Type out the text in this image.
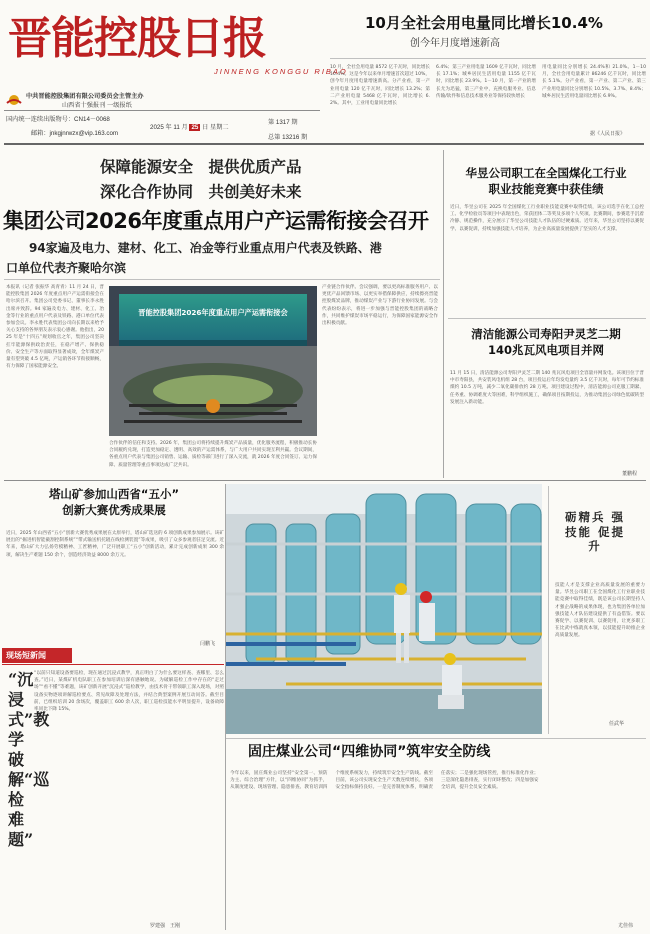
晋能控股日报
JINNENG KONGGU RIBAO
中共晋能控股集团有限公司委员会主管主办
山西省十强报刊 一级报纸
国内统一连续出版物号：CN14－0068
邮箱：jnkgjnrwzx@vip.163.com
2025 年 11 月 25 日 星期二
第 1317 期
总第 13216 期
10月全社会用电量同比增长10.4%
创今年月度增速新高
10 月，全社会用电量 8572 亿千瓦时，同比增长 10.4%。这是今年以来单月增速首次超过 10%，创今年月度用电量增速新高。分产业看，第一产业用电量 120 亿千瓦时，同比增长 13.2%；第二产业用电量 5468 亿千瓦时，同比增长 6.2%。其中，工业用电量同比增长
6.4%；第三产业用电量 1609 亿千瓦时，同比增长 17.1%；城乡居民生活用电量 1155 亿千瓦时，同比增长 23.9%。1－10 月，第一产业的增长尤为迅猛，第三产业中，充换电服务业、信息传输/软件和信息技术服务业等保持较快增长
用电量同比分别增长 24.4%和 21.0%。1－10 月，全社会用电量累计 86246 亿千瓦时，同比增长 5.1%。分产业看，第一产业、第二产业、第三产业用电量同比分别增长 10.5%、3.7%、8.4%；城乡居民生活用电量同比增长 6.9%。
据《人民日报》
保障能源安全　提供优质产品
深化合作协同　共创美好未来
集团公司2026年度重点用户产运需衔接会召开
94家遍及电力、建材、化工、冶金等行业重点用户代表及铁路、港
口单位代表齐聚哈尔滨
本报讯（记者 张振华 高青青）11 月 24 日，晋能控股集团 2026 年度重点用户产运需衔接会在哈尔滨召开。集团公司党委书记、董事长李永胜出席并致辞。94 家遍及电力、建材、化工、冶金等行业的重点用户代表及铁路、港口单位代表参加会议。李永胜代表集团公司向长期以来给予关心支持的各界朋友表示衷心感谢。他指出，2025 年是“十四五”规划收官之年，集团公司坚决扛牢能源保供政治责任，在稳产增产、保供稳价、安全生产等方面取得显著成效，全年煤炭产量有望突破 4.5 亿吨，产运销各环节衔接顺畅，有力保障了国家能源安全。
晋能控股集团2026年度重点用户产运需衔接会
合作伙伴的信任和支持。2026 年，集团公司将持续提升煤炭产品质量，优化服务流程，积极推动长协合同履约兑现，打造更加稳定、透明、高效的产运需体系，与广大用户共同实现互利共赢。会议期间，各重点用户代表与集团公司销售、运输、质检等部门进行了深入交流，就 2026 年度合同签订、运力保障、质量管理等重点事项达成广泛共识。
产业链合作伙伴。会议强调，要以更高标准服务用户、以更优产品回馈市场、以更实举措保障供应，持续擦亮晋能控股煤炭品牌，推动煤炭产业与下游行业协同发展。与会代表纷纷表示，将进一步加强与晋能控股集团的战略合作，共同维护煤炭市场平稳运行，为保障国家能源安全作出积极贡献。
华昱公司职工在全国煤化工行业
职业技能竞赛中获佳绩
近日，华昱公司在 2025 年全国煤化工行业职业技能竞赛中取得佳绩，该公司选手在化工总控工、化学检验员等项目中表现出色，荣获团体二等奖及多项个人奖项。比赛期间，参赛选手沉着冷静、规范操作，充分展示了华昱公司技能人才队伍的过硬素质。近年来，华昱公司坚持以赛促学、以赛促训，持续加强技能人才培养，为企业高质量发展提供了坚实的人才支撑。
清洁能源公司寿阳尹灵芝二期
140兆瓦风电项目并网
11 月 15 日，清洁能源公司寿阳尹灵芝二期 140 兆瓦风电项目全容量并网发电。该项目位于晋中市寿阳县，共安装风电机组 28 台，项目投运后年均发电量约 3.5 亿千瓦时，每年可节约标准煤约 10.5 万吨，减少二氧化碳排放约 28 万吨。项目建设过程中，清洁能源公司克服工期紧、任务重、协调难度大等困难，科学组织施工，确保项目按期投运，为推动集团公司绿色低碳转型发展注入新动能。
董鹏程
塔山矿参加山西省“五小”
创新大赛优秀成果展
近日，2025 年山西省“五小”创新大赛优秀成果展在太原举行，塔山矿选送的 6 项创新成果参加展示。该矿展出的“掘进机智能截割控制系统”“带式输送机托辊在线检测装置”等成果，吸引了众多参观者驻足交流。近年来，塔山矿大力弘扬劳模精神、工匠精神，广泛开展职工“五小”创新活动，累计完成创新成果 300 余项，解决生产难题 150 余个，创造经济效益 8000 余万元。
闫鹏飞
砺精兵 强技能 促提升
技能人才是支撑企业高质量发展的重要力量。华昱公司职工在全国煤化工行业职业技能竞赛中取得佳绩，既是该公司长期坚持人才强企战略的成果体现，也为集团各单位加强技能人才队伍建设提供了有益借鉴。要以赛促学、以赛促训、以赛促用，让更多职工在比武中练就真本领，以技能提升助推企业高质量发展。
任武华
现场短新闻
“沉浸式”教学破解“巡检难题”
“以前只知道设备要巡检，现在通过沉浸式教学，真正明白了为什么要这样查、查哪里、怎么查。”近日，某煤矿机电队职工在参加培训后深有感触地说。为破解巡检工作中存在的“走过场”“看不懂”等难题，该矿创新开展“沉浸式”巡检教学，由技术骨干带领职工深入现场，对照设备实物逐项讲解巡检要点、常见故障及处理方法，并结合典型案例开展互动问答。截至目前，已组织培训 20 余场次，覆盖职工 600 余人次，职工巡检技能水平明显提升，设备故障率同比下降 15%。
罗建强　王刚
固庄煤业公司“四维协同”筑牢安全防线
今年以来，固庄煤业公司坚持“安全第一、预防为主、综合治理”方针，以“四维协同”为抓手，从制度建设、现场管理、隐患排查、教育培训四个维度系统发力，持续筑牢安全生产防线。截至目前，该公司实现安全生产天数连续增长，各项安全指标保持良好。一是完善制度体系，明确责任落实；二是强化现场管控，推行标准化作业；三是深化隐患排查，实行闭环整改；四是加强安全培训，提升全员安全素质。
尤佳伟
